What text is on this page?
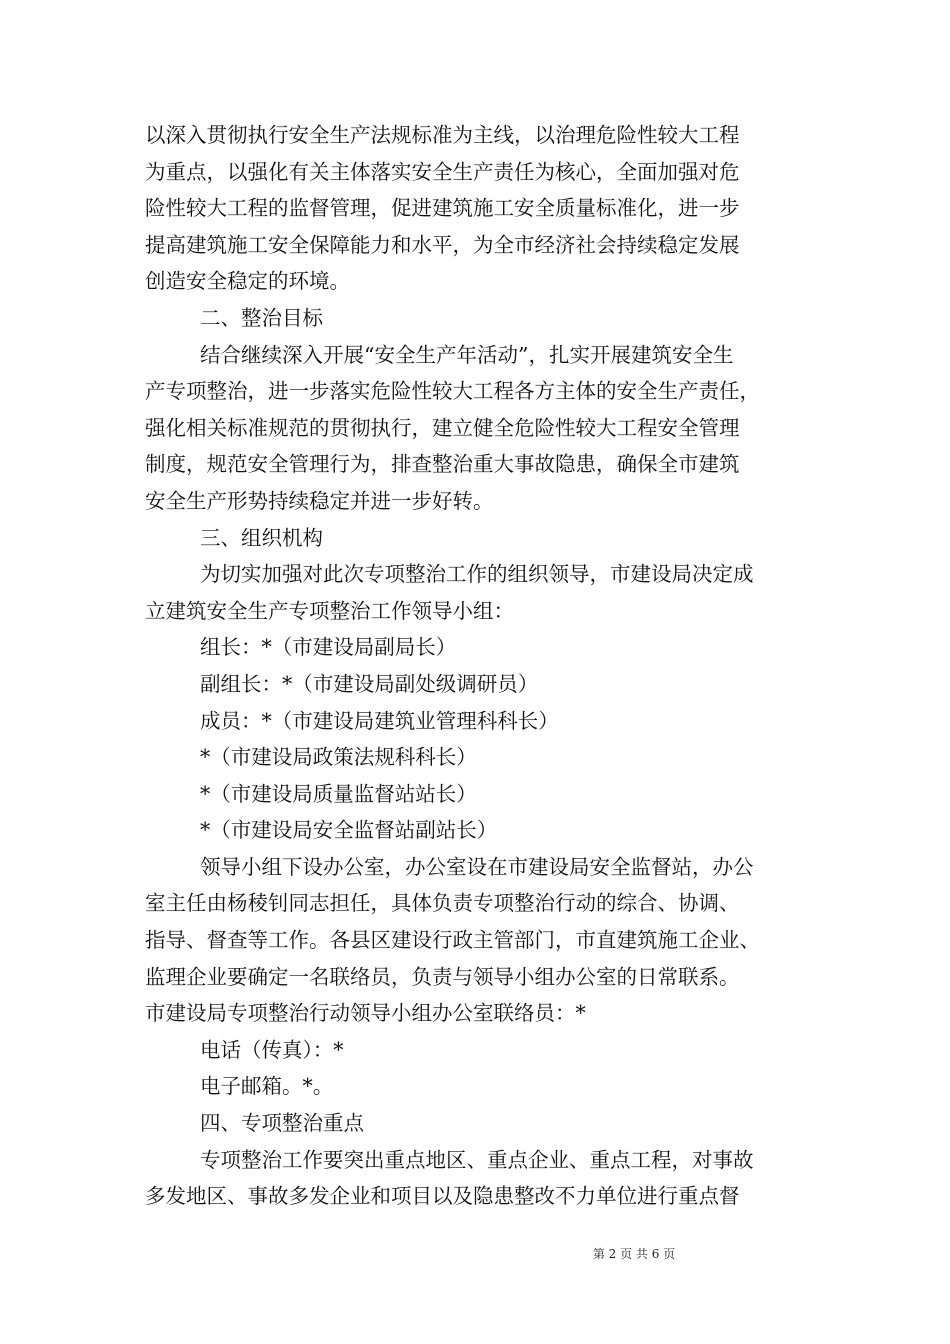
以深入贯彻执行安全生产法规标准为主线，以治理危险性较大工程
为重点，以强化有关主体落实安全生产责任为核心，全面加强对危
险性较大工程的监督管理，促进建筑施工安全质量标准化，进一步
提高建筑施工安全保障能力和水平，为全市经济社会持续稳定发展
创造安全稳定的环境。
二、整治目标
结合继续深入开展“安全生产年活动”，扎实开展建筑安全生
产专项整治，进一步落实危险性较大工程各方主体的安全生产责任，
强化相关标准规范的贯彻执行，建立健全危险性较大工程安全管理
制度，规范安全管理行为，排查整治重大事故隐患，确保全市建筑
安全生产形势持续稳定并进一步好转。
三、组织机构
为切实加强对此次专项整治工作的组织领导，市建设局决定成
立建筑安全生产专项整治工作领导小组：
组长：*（市建设局副局长）
副组长：*（市建设局副处级调研员）
成员：*（市建设局建筑业管理科科长）
*（市建设局政策法规科科长）
*（市建设局质量监督站站长）
*（市建设局安全监督站副站长）
领导小组下设办公室，办公室设在市建设局安全监督站，办公
室主任由杨稜钊同志担任，具体负责专项整治行动的综合、协调、
指导、督查等工作。各县区建设行政主管部门，市直建筑施工企业、
监理企业要确定一名联络员，负责与领导小组办公室的日常联系。
市建设局专项整治行动领导小组办公室联络员：*
电话（传真）：*
电子邮箱。*。
四、专项整治重点
专项整治工作要突出重点地区、重点企业、重点工程，对事故
多发地区、事故多发企业和项目以及隐患整改不力单位进行重点督
第 2 页 共 6 页
